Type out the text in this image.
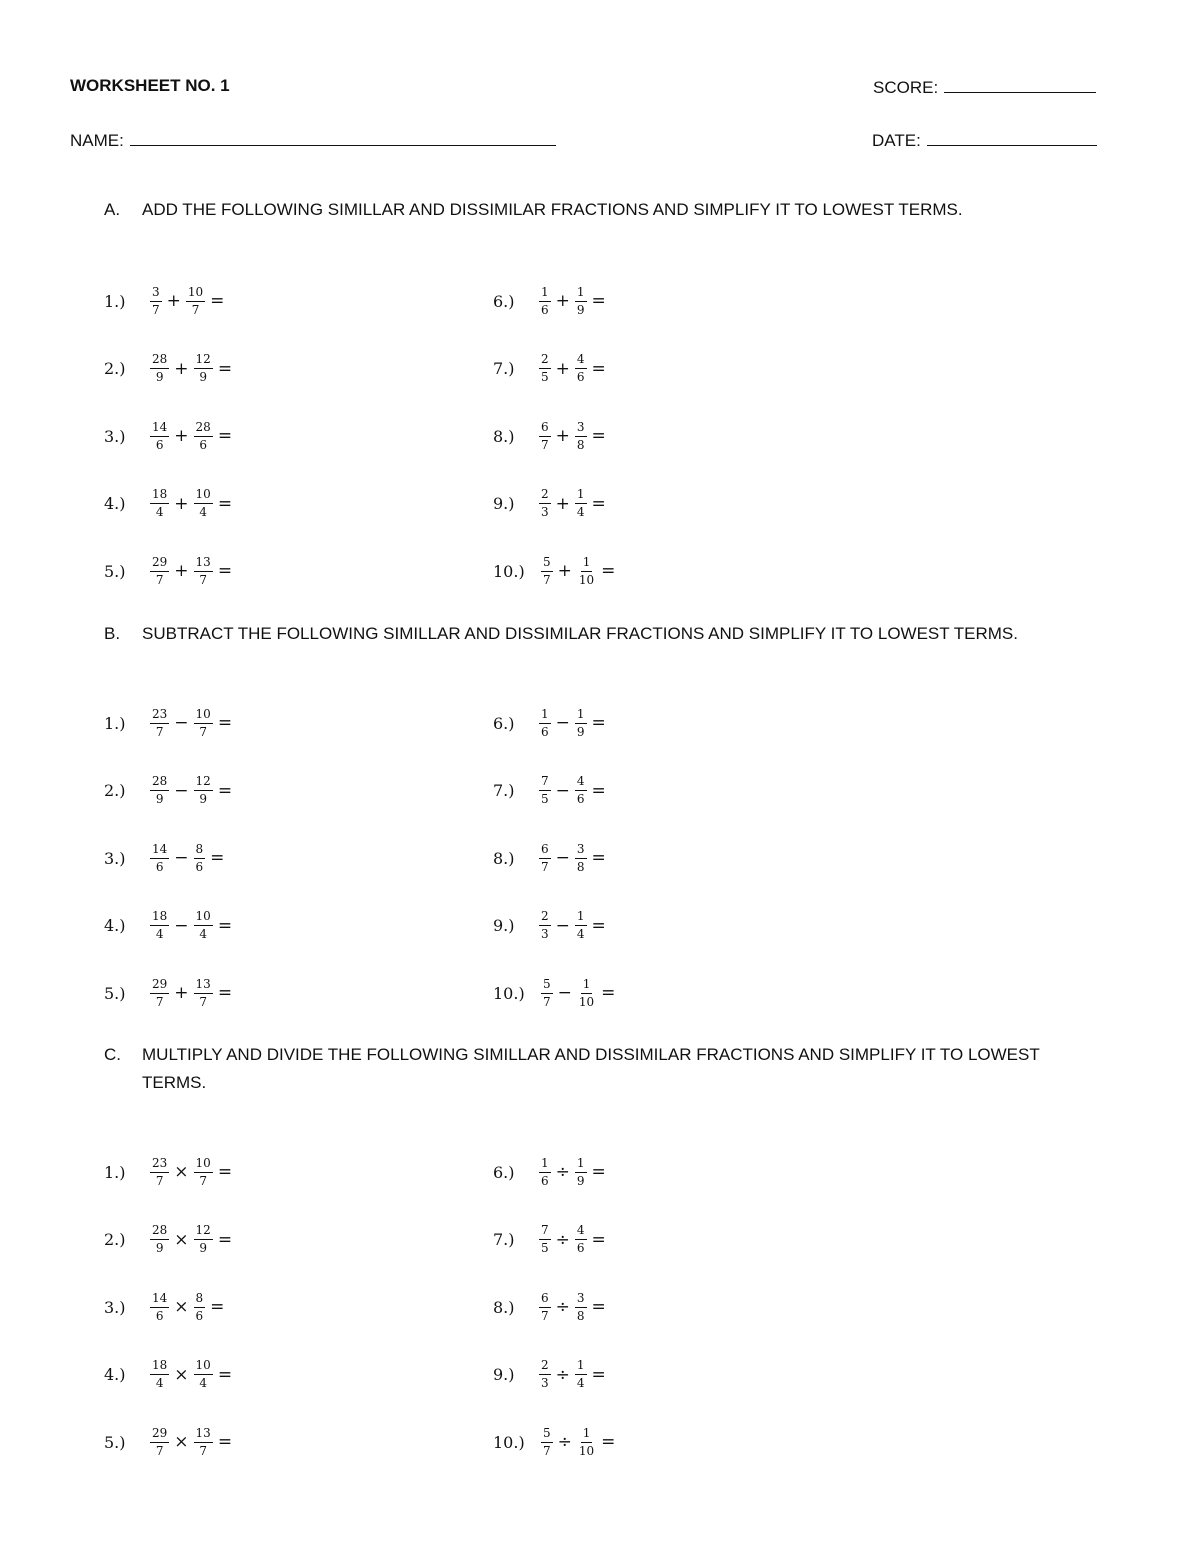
WORKSHEET NO. 1	SCORE:
NAME:	DATE:
A. ADD THE FOLLOWING SIMILLAR AND DISSIMILAR FRACTIONS AND SIMPLIFY IT TO LOWEST TERMS.
B. SUBTRACT THE FOLLOWING SIMILLAR AND DISSIMILAR FRACTIONS AND SIMPLIFY IT TO LOWEST TERMS.
C. MULTIPLY AND DIVIDE THE FOLLOWING SIMILLAR AND DISSIMILAR FRACTIONS AND SIMPLIFY IT TO LOWEST TERMS.
1.)	$\frac{3}{7} + \frac{10}{7}$ =
2.)	$\frac{28}{9} + \frac{12}{9}$ =
3.)	$\frac{14}{6} + \frac{28}{6}$ =
4.)	$\frac{18}{4} + \frac{10}{4}$ =
5.)	$\frac{29}{7} + \frac{13}{7}$ =
6.)	$\frac{1}{6} + \frac{1}{9}$ =
7.)	$\frac{2}{5} + \frac{4}{6}$ =
8.)	$\frac{6}{7} + \frac{3}{8}$ =
9.)	$\frac{2}{3} + \frac{1}{4}$ =
10.)	$\frac{5}{7} + \frac{1}{10}$ =
1.)	$\frac{23}{7} - \frac{10}{7}$ =
2.)	$\frac{28}{9} - \frac{12}{9}$ =
3.)	$\frac{14}{6} - \frac{8}{6}$ =
4.)	$\frac{18}{4} - \frac{10}{4}$ =
5.)	$\frac{29}{7} + \frac{13}{7}$ =
6.)	$\frac{1}{6} - \frac{1}{9}$ =
7.)	$\frac{7}{5} - \frac{4}{6}$ =
8.)	$\frac{6}{7} - \frac{3}{8}$ =
9.)	$\frac{2}{3} - \frac{1}{4}$ =
10.)	$\frac{5}{7} - \frac{1}{10}$ =
1.)	$\frac{23}{7} \times \frac{10}{7}$ =
2.)	$\frac{28}{9} \times \frac{12}{9}$ =
3.)	$\frac{14}{6} \times \frac{8}{6}$ =
4.)	$\frac{18}{4} \times \frac{10}{4}$ =
5.)	$\frac{29}{7} \times \frac{13}{7}$ =
6.)	$\frac{1}{6} \div \frac{1}{9}$ =
7.)	$\frac{7}{5} \div \frac{4}{6}$ =
8.)	$\frac{6}{7} \div \frac{3}{8}$ =
9.)	$\frac{2}{3} \div \frac{1}{4}$ =
10.)	$\frac{5}{7} \div \frac{1}{10}$ =
